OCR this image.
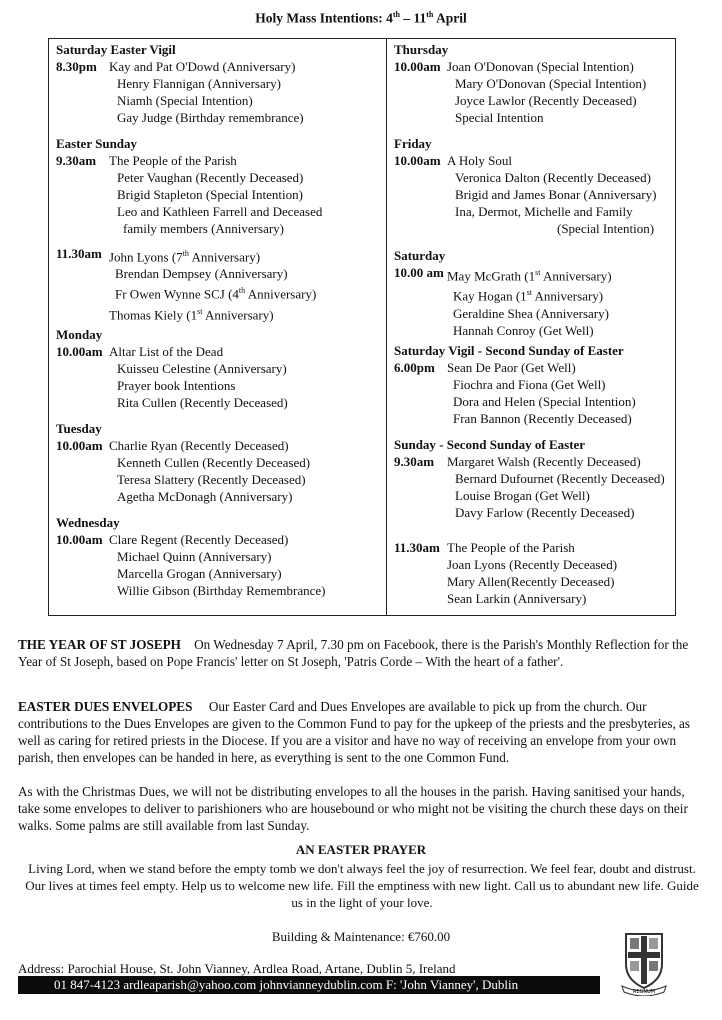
Holy Mass Intentions: 4th – 11th April
Saturday Easter Vigil
8.30pm Kay and Pat O'Dowd (Anniversary)
Henry Flannigan (Anniversary)
Niamh (Special Intention)
Gay Judge (Birthday remembrance)
Easter Sunday
9.30am The People of the Parish
Peter Vaughan (Recently Deceased)
Brigid Stapleton (Special Intention)
Leo and Kathleen Farrell and Deceased
family members (Anniversary)
11.30am John Lyons (7th Anniversary)
Brendan Dempsey (Anniversary)
Fr Owen Wynne SCJ (4th Anniversary)
Thomas Kiely (1st Anniversary)
Monday
10.00am Altar List of the Dead
Kuisseu Celestine (Anniversary)
Prayer book Intentions
Rita Cullen (Recently Deceased)
Tuesday
10.00am Charlie Ryan (Recently Deceased)
Kenneth Cullen (Recently Deceased)
Teresa Slattery (Recently Deceased)
Agetha McDonagh (Anniversary)
Wednesday
10.00am Clare Regent (Recently Deceased)
Michael Quinn (Anniversary)
Marcella Grogan (Anniversary)
Willie Gibson (Birthday Remembrance)
Thursday
10.00am Joan O'Donovan (Special Intention)
Mary O'Donovan (Special Intention)
Joyce Lawlor (Recently Deceased)
Special Intention
Friday
10.00am A Holy Soul
Veronica Dalton (Recently Deceased)
Brigid and James Bonar (Anniversary)
Ina, Dermot, Michelle and Family
(Special Intention)
Saturday
10.00 am May McGrath (1st Anniversary)
Kay Hogan (1st Anniversary)
Geraldine Shea (Anniversary)
Hannah Conroy (Get Well)
Saturday Vigil - Second Sunday of Easter
6.00pm Sean De Paor (Get Well)
Fiochra and Fiona (Get Well)
Dora and Helen (Special Intention)
Fran Bannon (Recently Deceased)
Sunday - Second Sunday of Easter
9.30am Margaret Walsh (Recently Deceased)
Bernard Dufournet (Recently Deceased)
Louise Brogan (Get Well)
Davy Farlow (Recently Deceased)
11.30am The People of the Parish
Joan Lyons (Recently Deceased)
Mary Allen(Recently Deceased)
Sean Larkin (Anniversary)
THE YEAR OF ST JOSEPH On Wednesday 7 April, 7.30 pm on Facebook, there is the Parish's Monthly Reflection for the Year of St Joseph, based on Pope Francis' letter on St Joseph, 'Patris Corde – With the heart of a father'.
EASTER DUES ENVELOPES Our Easter Card and Dues Envelopes are available to pick up from the church. Our contributions to the Dues Envelopes are given to the Common Fund to pay for the upkeep of the priests and the presbyteries, as well as caring for retired priests in the Diocese. If you are a visitor and have no way of receiving an envelope from your own parish, then envelopes can be handed in here, as everything is sent to the one Common Fund.
As with the Christmas Dues, we will not be distributing envelopes to all the houses in the parish. Having sanitised your hands, take some envelopes to deliver to parishioners who are housebound or who might not be visiting the church these days on their walks. Some palms are still available from last Sunday.
AN EASTER PRAYER
Living Lord, when we stand before the empty tomb we don't always feel the joy of resurrection. We feel fear, doubt and distrust. Our lives at times feel empty. Help us to welcome new life. Fill the emptiness with new light. Call us to abundant new life. Guide us in the light of your love.
Building & Maintenance: €760.00
Address: Parochial House, St. John Vianney, Ardlea Road, Artane, Dublin 5, Ireland
01 847-4123 ardleaparish@yahoo.com johnvianneydublin.com F: 'John Vianney', Dublin	REGNUM
